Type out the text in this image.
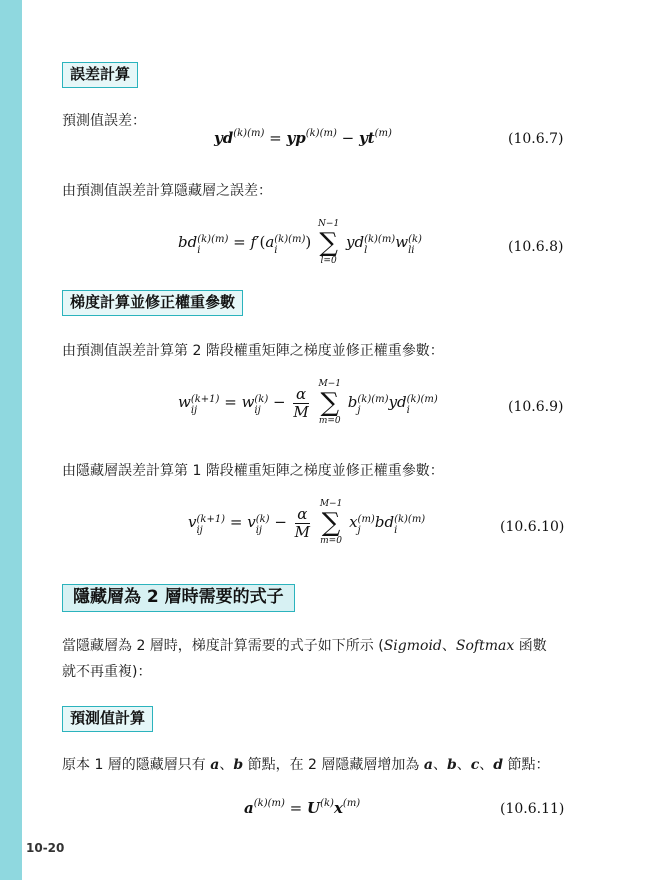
誤差計算
預測值誤差：
$yd^{(k)(m)} = yp^{(k)(m)} - yt^{(m)}$	(10.6.7)
由預測值誤差計算隱藏層之誤差：
bd (k)(m)
i	= f′(a (k)(m)
i	)
N−1
∑
l=0
yd (k)(m)
l	w (k)
li	(10.6.8)
梯度計算並修正權重參數
由預測值誤差計算第 2 階段權重矩陣之梯度並修正權重參數：
w (k+1)
ij	= w (k)
ij − $\frac{\alpha}{M}$

M−1
∑
m=0
b (k)(m)
j	yd (k)(m)
i	(10.6.9)
由隱藏層誤差計算第 1 階段權重矩陣之梯度並修正權重參數：
v (k+1)
ij	= v (k)
ij − $\frac{\alpha}{M}$

M−1
∑
m=0
x (m)
j bd (k)(m)
i	(10.6.10)
隱藏層為 2 層時需要的式子
當隱藏層為 2 層時，梯度計算需要的式子如下所示 (Sigmoid、Softmax 函數
就不再重複)：
預測值計算
原本 1 層的隱藏層只有 a、b 節點，在 2 層隱藏層增加為 a、b、c、d 節點：
$a^{(k)(m)} = U^{(k)}x^{(m)}$	(10.6.11)
10-20
